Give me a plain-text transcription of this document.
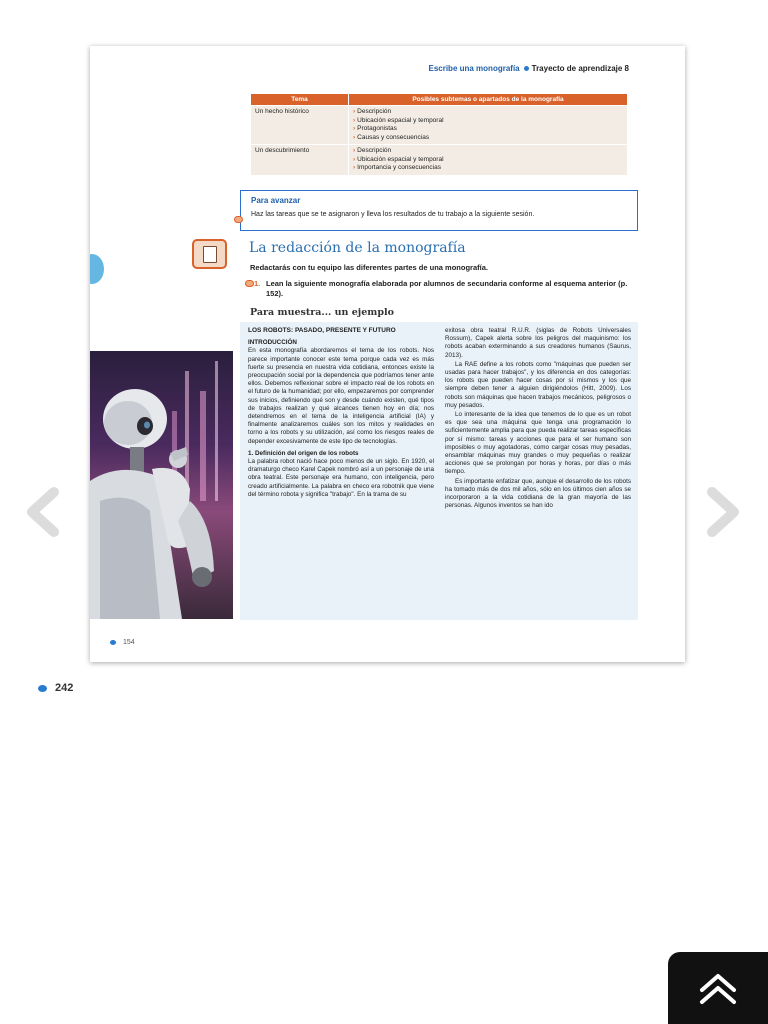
Escribe una monografía Trayecto de aprendizaje 8
Tema	Posibles subtemas o apartados de la monografía
Un hecho histórico	› Descripción
› Ubicación espacial y temporal
› Protagonistas
› Causas y consecuencias

Un descubrimiento	› Descripción
› Ubicación espacial y temporal
› Importancia y consecuencias
Para avanzar
Haz las tareas que se te asignaron y lleva los resultados de tu trabajo a la siguiente sesión.
La redacción de la monografía
Redactarás con tu equipo las diferentes partes de una monografía.
1. Lean la siguiente monografía elaborada por alumnos de secundaria conforme al esquema anterior (p. 152).
Para muestra... un ejemplo
LOS ROBOTS: PASADO, PRESENTE Y FUTURO
INTRODUCCIÓN

En esta monografía abordaremos el tema de los robots. Nos parece importante conocer este tema porque cada vez es más fuerte su presencia en nuestra vida cotidiana, entonces existe la preocupación social por la dependencia que podríamos tener ante ellos. Debemos reflexionar sobre el impacto real de los robots en el futuro de la humanidad; por ello, empezaremos por comprender sus inicios, definiendo qué son y desde cuándo existen, qué tipos de trabajos realizan y qué alcances tienen hoy en día; nos detendremos en el tema de la inteligencia artificial (IA) y finalmente analizaremos cuáles son los mitos y realidades en torno a los robots y su utilización, así como los riesgos reales de depender excesivamente de este tipo de tecnologías.

1. Definición del origen de los robots

La palabra robot nació hace poco menos de un siglo. En 1920, el dramaturgo checo Karel Capek nombró así a un personaje de una obra teatral. Este personaje era humano, con inteligencia, pero creado artificialmente. La palabra en checo era robotnik que viene del término robota y significa "trabajo". En la trama de su

exitosa obra teatral R.U.R. (siglas de Robots Universales Rossum), Capek alerta sobre los peligros del maquinismo: los robots acaban exterminando a sus creadores humanos (Saurus, 2013).

La RAE define a los robots como "máquinas que pueden ser usadas para hacer trabajos", y los diferencia en dos categorías: los robots que pueden hacer cosas por sí mismos y los que siempre deben tener a alguien dirigiéndolos (Hitt, 2009). Los robots son máquinas que hacen trabajos mecánicos, peligrosos o muy pesados.

Lo interesante de la idea que tenemos de lo que es un robot es que sea una máquina que tenga una programación lo suficientemente amplia para que pueda realizar tareas específicas por sí mismo: tareas y acciones que para el ser humano son imposibles o muy agotadoras, como cargar cosas muy pesadas, ensamblar máquinas muy grandes o muy pequeñas o realizar acciones que se prolongan por horas y horas, por días o más tiempo.

Es importante enfatizar que, aunque el desarrollo de los robots ha tomado más de dos mil años, sólo en los últimos cien años se incorporaron a la vida cotidiana de la gran mayoría de las personas. Algunos inventos se han ido

154
242
